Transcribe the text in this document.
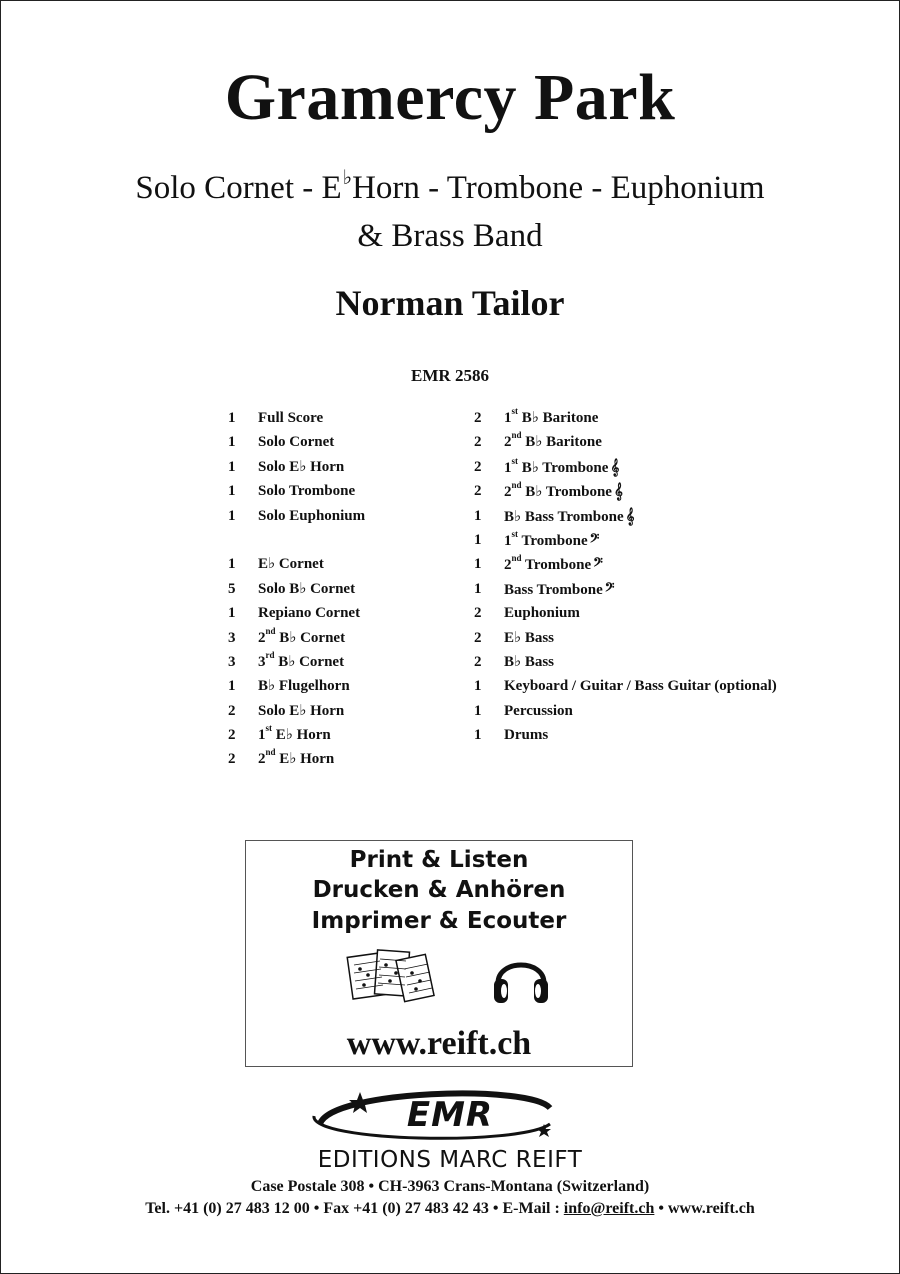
Gramercy Park
Solo Cornet - E♭Horn - Trombone - Euphonium
& Brass Band
Norman Tailor
EMR 2586
1	Full Score
1	Solo Cornet
1	Solo E♭ Horn
1	Solo Trombone
1	Solo Euphonium
1	E♭ Cornet
5	Solo B♭ Cornet
1	Repiano Cornet
3	2nd B♭ Cornet
3	3rd B♭ Cornet
1	B♭ Flugelhorn
2	Solo E♭ Horn
2	1st E♭ Horn
2	2nd E♭ Horn
2	1st B♭ Baritone
2	2nd B♭ Baritone
2	1st B♭ Trombone 𝄞
2	2nd B♭ Trombone 𝄞
1	B♭ Bass Trombone 𝄞
1	1st Trombone 𝄢
1	2nd Trombone 𝄢
1	Bass Trombone 𝄢
2	Euphonium
2	E♭ Bass
2	B♭ Bass
1	Keyboard / Guitar / Bass Guitar (optional)
1	Percussion
1	Drums
Print & Listen
Drucken & Anhören
Imprimer & Ecouter
www.reift.ch
EMR
EDITIONS MARC REIFT
Case Postale 308 • CH-3963 Crans-Montana (Switzerland)
Tel. +41 (0) 27 483 12 00 • Fax +41 (0) 27 483 42 43 • E-Mail : info@reift.ch • www.reift.ch
